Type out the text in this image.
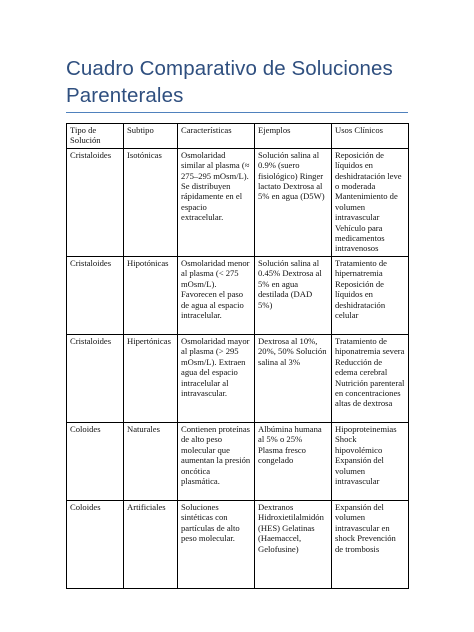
Cuadro Comparativo de Soluciones
Parenterales
Tipo de Solución	Subtipo	Características	Ejemplos	Usos Clínicos
Cristaloides	Isotónicas	Osmolaridad similar al plasma (≈ 275–295 mOsm/L). Se distribuyen rápidamente en el espacio extracelular.	Solución salina al 0.9% (suero fisiológico) Ringer lactato Dextrosa al 5% en agua (D5W)	Reposición de líquidos en deshidratación leve o moderada Mantenimiento de volumen intravascular Vehículo para medicamentos intravenosos
Cristaloides	Hipotónicas	Osmolaridad menor al plasma (< 275 mOsm/L). Favorecen el paso de agua al espacio intracelular.	Solución salina al 0.45% Dextrosa al 5% en agua destilada (DAD 5%)	Tratamiento de hipernatremia Reposición de líquidos en deshidratación celular
Cristaloides	Hipertónicas	Osmolaridad mayor al plasma (> 295 mOsm/L). Extraen agua del espacio intracelular al intravascular.	Dextrosa al 10%, 20%, 50% Solución salina al 3%	Tratamiento de hiponatremia severa Reducción de edema cerebral Nutrición parenteral en concentraciones altas de dextrosa
Coloides	Naturales	Contienen proteínas de alto peso molecular que aumentan la presión oncótica plasmática.	Albúmina humana al 5% o 25% Plasma fresco congelado	Hipoproteinemias Shock hipovolémico Expansión del volumen intravascular
Coloides	Artificiales	Soluciones sintéticas con partículas de alto peso molecular.	Dextranos Hidroxietilalmidón (HES) Gelatinas (Haemaccel, Gelofusine)	Expansión del volumen intravascular en shock Prevención de trombosis
